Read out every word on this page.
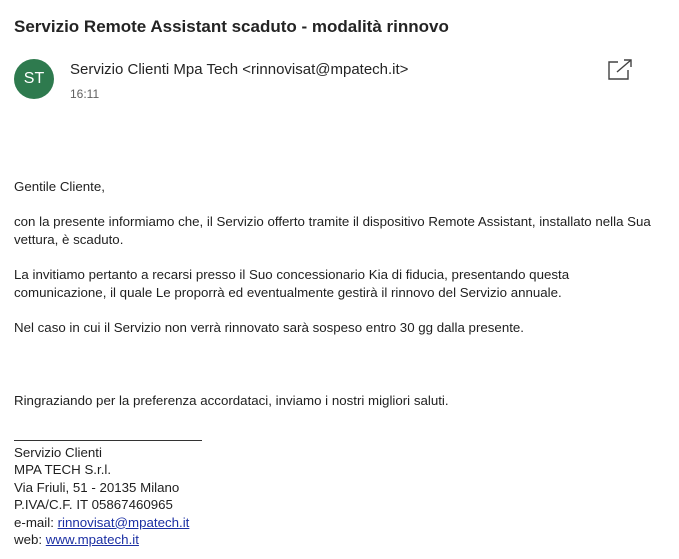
Servizio Remote Assistant scaduto - modalità rinnovo
ST
Servizio Clienti Mpa Tech <rinnovisat@mpatech.it>
16:11
Gentile Cliente,
con la presente informiamo che, il Servizio offerto tramite il dispositivo Remote Assistant, installato nella Sua
vettura, è scaduto.
La invitiamo pertanto a recarsi presso il Suo concessionario Kia di fiducia, presentando questa
comunicazione, il quale Le proporrà ed eventualmente gestirà il rinnovo del Servizio annuale.
Nel caso in cui il Servizio non verrà rinnovato sarà sospeso entro 30 gg dalla presente.
Ringraziando per la preferenza accordataci, inviamo i nostri migliori saluti.
Servizio Clienti
MPA TECH S.r.l.
Via Friuli, 51 - 20135 Milano
P.IVA/C.F. IT 05867460965
e-mail: rinnovisat@mpatech.it
web: www.mpatech.it
